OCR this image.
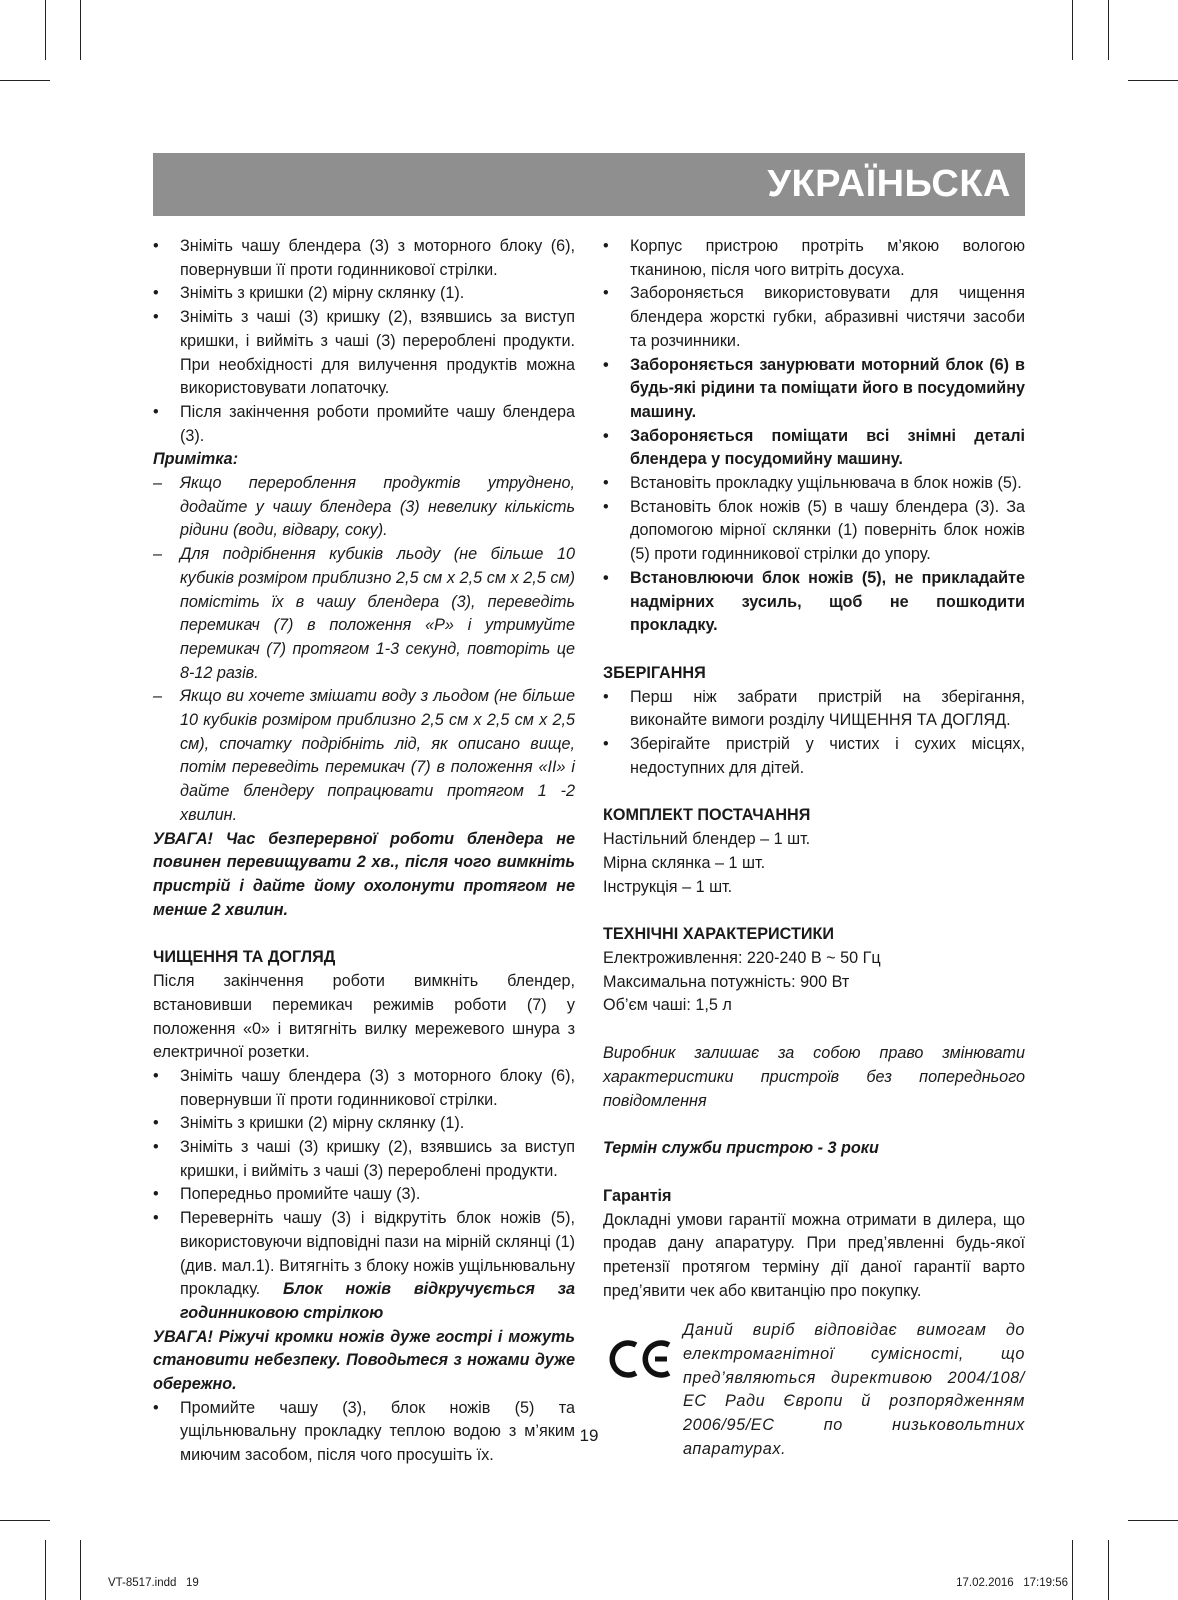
УКРАЇНЬСКА
• Зніміть чашу блендера (3) з моторного блоку (6), повернувши її проти годинникової стрілки.
• Зніміть з кришки (2) мірну склянку (1).
• Зніміть з чаші (3) кришку (2), взявшись за виступ кришки, і вийміть з чаші (3) перероблені продукти. При необхідності для вилучення продуктів можна використовувати лопаточку.
• Після закінчення роботи промийте чашу блендера (3).

Примітка:

– Якщо перероблення продуктів утруднено, додайте у чашу блендера (3) невелику кількість рідини (води, відвару, соку).
– Для подрібнення кубиків льоду (не більше 10 кубиків розміром приблизно 2,5 см х 2,5 см х 2,5 см) помістіть їх в чашу блендера (3), переведіть перемикач (7) в положення «P» і утримуйте перемикач (7) протягом 1-3 секунд, повторіть це 8-12 разів.
– Якщо ви хочете змішати воду з льодом (не більше 10 кубиків розміром приблизно 2,5 см х 2,5 см х 2,5 см), спочатку подрібніть лід, як описано вище, потім переведіть перемикач (7) в положення «II» і дайте блендеру попрацювати протягом 1 -2 хвилин.

УВАГА! Час безперервної роботи блендера не повинен перевищувати 2 хв., після чого вимкніть пристрій і дайте йому охолонути протягом не менше 2 хвилин.

ЧИЩЕННЯ ТА ДОГЛЯД

Після закінчення роботи вимкніть блендер, встановивши перемикач режимів роботи (7) у положення «0» і витягніть вилку мережевого шнура з електричної розетки.

• Зніміть чашу блендера (3) з моторного блоку (6), повернувши її проти годинникової стрілки.
• Зніміть з кришки (2) мірну склянку (1).
• Зніміть з чаші (3) кришку (2), взявшись за виступ кришки, і вийміть з чаші (3) перероблені продукти.
• Попередньо промийте чашу (3).
• Переверніть чашу (3) і відкрутіть блок ножів (5), використовуючи відповідні пази на мірній склянці (1) (див. мал.1). Витягніть з блоку ножів ущільнювальну прокладку. Блок ножів відкручується за годинниковою стрілкою

УВАГА! Ріжучі кромки ножів дуже гострі і можуть становити небезпеку. Поводьтеся з ножами дуже обережно.

• Промийте чашу (3), блок ножів (5) та ущільнювальну прокладку теплою водою з м’яким миючим засобом, після чого просушіть їх.
• Корпус пристрою протріть м’якою вологою тканиною, після чого витріть досуха.
• Забороняється використовувати для чищення блендера жорсткі губки, абразивні чистячи засоби та розчинники.
• Забороняється занурювати моторний блок (6) в будь-які рідини та поміщати його в посудомийну машину.
• Забороняється поміщати всі знімні деталі блендера у посудомийну машину.
• Встановіть прокладку ущільнювача в блок ножів (5).
• Встановіть блок ножів (5) в чашу блендера (3). За допомогою мірної склянки (1) поверніть блок ножів (5) проти годинникової стрілки до упору.
• Встановлюючи блок ножів (5), не прикладайте надмірних зусиль, щоб не пошкодити прокладку.

ЗБЕРІГАННЯ

• Перш ніж забрати пристрій на зберігання, виконайте вимоги розділу ЧИЩЕННЯ ТА ДОГЛЯД.
• Зберігайте пристрій у чистих і сухих місцях, недоступних для дітей.

КОМПЛЕКТ ПОСТАЧАННЯ

Настільний блендер – 1 шт.

Мірна склянка – 1 шт.

Інструкція – 1 шт.

ТЕХНІЧНІ ХАРАКТЕРИСТИКИ

Електроживлення: 220-240 В ~ 50 Гц

Максимальна потужність: 900 Вт

Об’єм чаші: 1,5 л

Виробник залишає за собою право змінювати характеристики пристроїв без попереднього повідомлення

Термін служби пристрою - 3 роки

Гарантія

Докладні умови гарантії можна отримати в дилера, що продав дану апаратуру. При пред’явленні будь-якої претензії протягом терміну дії даної гарантії варто пред’явити чек або квитанцію про покупку.

Даний виріб відповідає вимогам до електромагнітної сумісності, що пред’являються директивою 2004/108/ЕС Ради Європи й розпорядженням 2006/95/ЕС по низьковольтних апаратурах.

19
VT-8517.indd   19	17.02.2016   17:19:56
